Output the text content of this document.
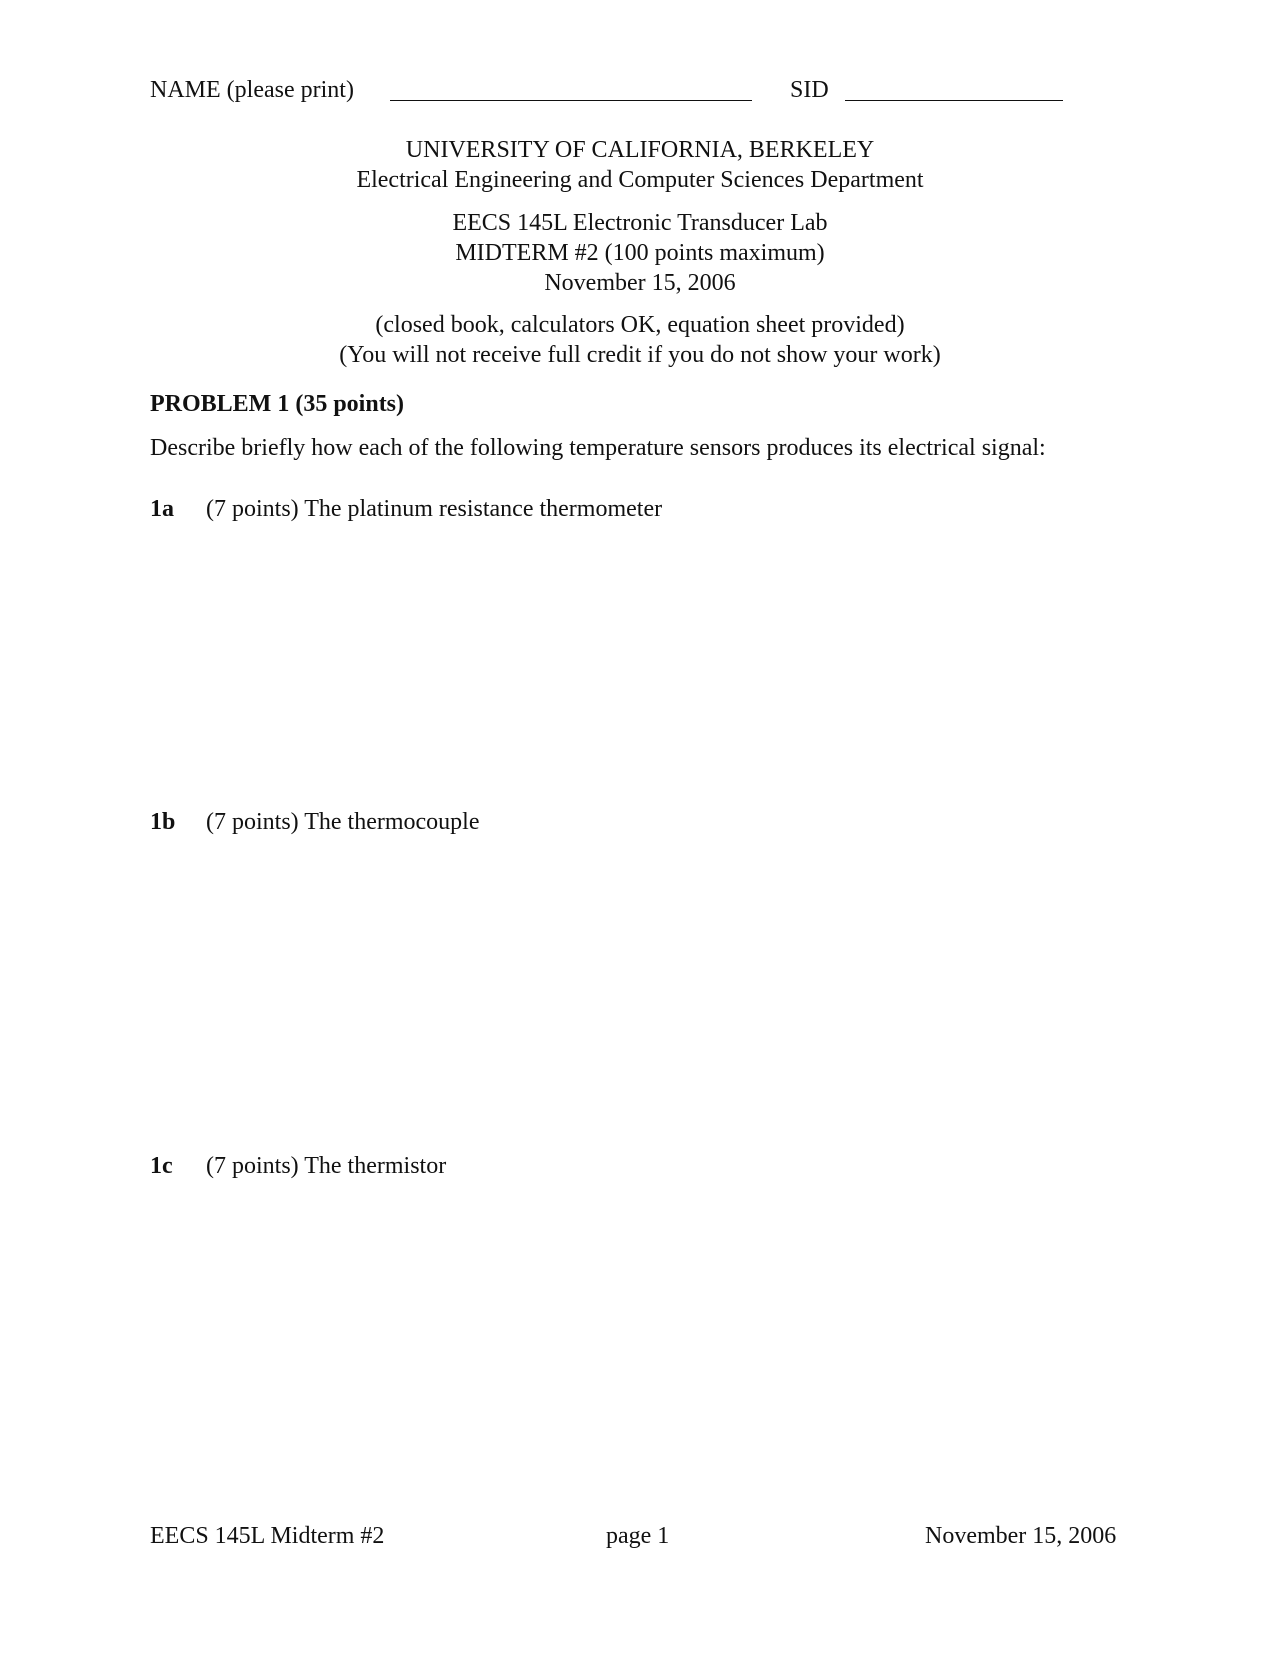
NAME (please print)	SID
UNIVERSITY OF CALIFORNIA, BERKELEY
Electrical Engineering and Computer Sciences Department
EECS 145L Electronic Transducer Lab
MIDTERM #2 (100 points maximum)
November 15, 2006
(closed book, calculators OK, equation sheet provided)
(You will not receive full credit if you do not show your work)
PROBLEM 1 (35 points)
Describe briefly how each of the following temperature sensors produces its electrical signal:
1a (7 points) The platinum resistance thermometer
1b (7 points) The thermocouple
1c (7 points) The thermistor
EECS 145L Midterm #2	page 1	November 15, 2006
